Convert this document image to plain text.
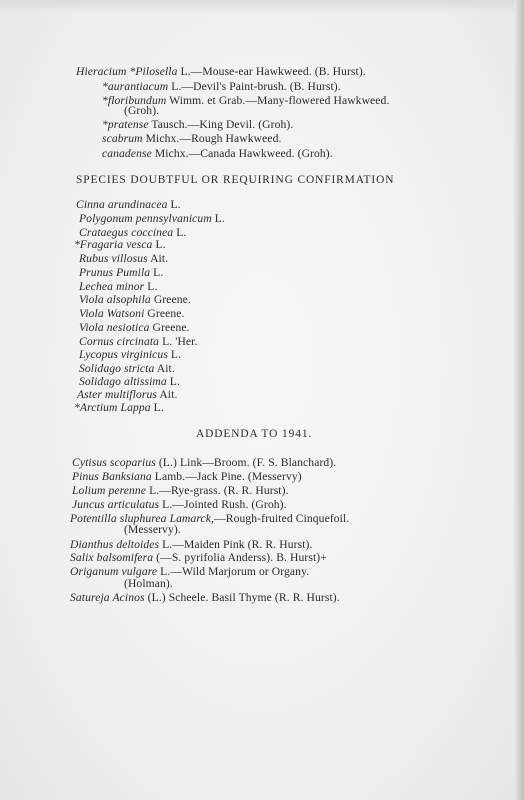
Hieracium *Pilosella L.—Mouse-ear Hawkweed. (B. Hurst).
*aurantiacum L.—Devil's Paint-brush. (B. Hurst).
*floribundum Wimm. et Grab.—Many-flowered Hawkweed.
(Groh).
*pratense Tausch.—King Devil. (Groh).
scabrum Michx.—Rough Hawkweed.
canadense Michx.—Canada Hawkweed. (Groh).
SPECIES DOUBTFUL OR REQUIRING CONFIRMATION
Cinna arundinacea L.
Polygonum pennsylvanicum L.
Crataegus coccinea L.
*Fragaria vesca L.
Rubus villosus Ait.
Prunus Pumila L.
Lechea minor L.
Viola alsophila Greene.
Viola Watsoni Greene.
Viola nesiotica Greene.
Cornus circinata L. 'Her.
Lycopus virginicus L.
Solidago stricta Ait.
Solidago altissima L.
Aster multiflorus Ait.
*Arctium Lappa L.
ADDENDA TO 1941.
Cytisus scoparius (L.) Link—Broom. (F. S. Blanchard).
Pinus Banksiana Lamb.—Jack Pine. (Messervy)
Lolium perenne L.—Rye-grass. (R. R. Hurst).
Juncus articulatus L.—Jointed Rush. (Groh).
Potentilla sluphurea Lamarck,—Rough-fruited Cinquefoil.
(Messervy).
Dianthus deltoides L.—Maiden Pink (R. R. Hurst).
Salix balsomifera (—S. pyrifolia Anderss). B. Hurst)+
Origanum vulgare L.—Wild Marjorum or Organy.
(Holman).
Satureja Acinos (L.) Scheele. Basil Thyme (R. R. Hurst).
